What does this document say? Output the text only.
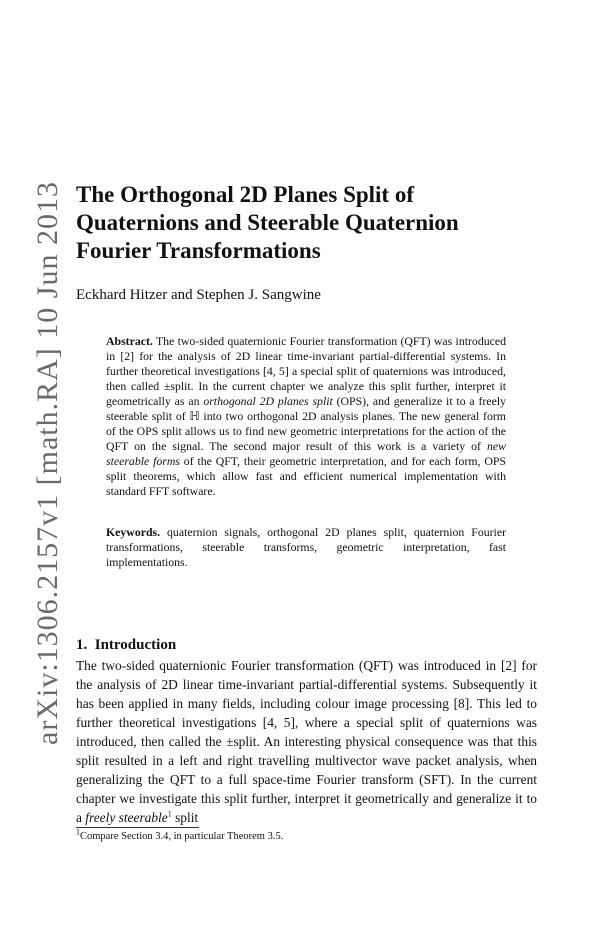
arXiv:1306.2157v1 [math.RA] 10 Jun 2013 The Orthogonal 2D Planes Split of
Quaternions and Steerable Quaternion
Fourier Transformations
Eckhard Hitzer and Stephen J. Sangwine

Abstract. The two-sided quaternionic Fourier transformation (QFT) was introduced in [2] for the analysis of 2D linear time-invariant partial-differential systems. In further theoretical investigations [4, 5] a special split of quaternions was introduced, then called ±split. In the current chapter we analyze this split further, interpret it geometrically as an orthogonal 2D planes split (OPS), and generalize it to a freely steerable split of ℍ into two orthogonal 2D analysis planes. The new general form of the OPS split allows us to find new geometric interpretations for the action of the QFT on the signal. The second major result of this work is a variety of new steerable forms of the QFT, their geometric interpretation, and for each form, OPS split theorems, which allow fast and efficient numerical implementation with standard FFT software.

Keywords. quaternion signals, orthogonal 2D planes split, quaternion Fourier transformations, steerable transforms, geometric interpretation, fast implementations.

1. Introduction

The two-sided quaternionic Fourier transformation (QFT) was introduced in [2] for the analysis of 2D linear time-invariant partial-differential systems. Subsequently it has been applied in many fields, including colour image processing [8]. This led to further theoretical investigations [4, 5], where a special split of quaternions was introduced, then called the ±split. An interesting physical consequence was that this split resulted in a left and right travelling multivector wave packet analysis, when generalizing the QFT to a full space-time Fourier transform (SFT). In the current chapter we investigate this split further, interpret it geometrically and generalize it to a freely steerable$^1$ split

$^1$Compare Section 3.4, in particular Theorem 3.5.
